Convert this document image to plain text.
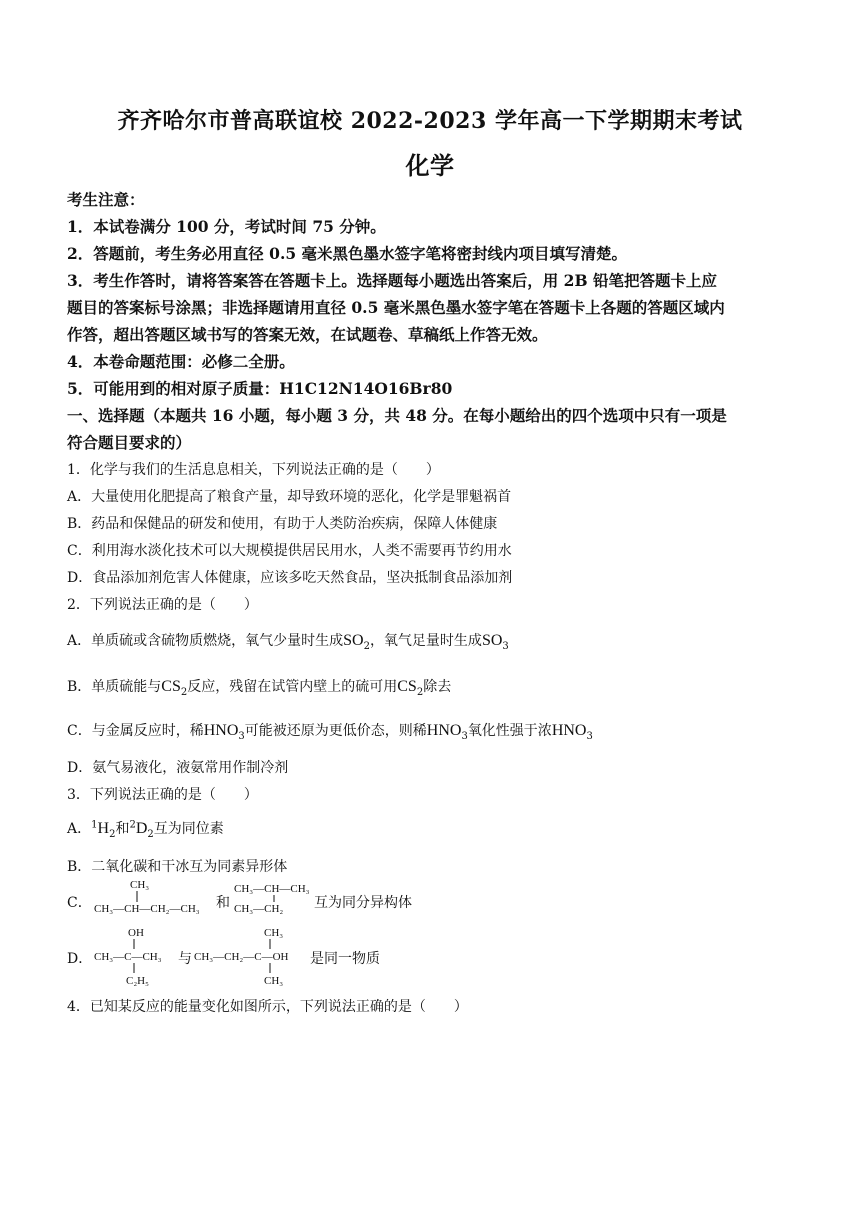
齐齐哈尔市普高联谊校 2022-2023 学年高一下学期期末考试
化学
考生注意：
1．本试卷满分 100 分，考试时间 75 分钟。
2．答题前，考生务必用直径 0.5 毫米黑色墨水签字笔将密封线内项目填写清楚。
3．考生作答时，请将答案答在答题卡上。选择题每小题选出答案后，用 2B 铅笔把答题卡上应
题目的答案标号涂黑；非选择题请用直径 0.5 毫米黑色墨水签字笔在答题卡上各题的答题区域内
作答，超出答题区域书写的答案无效，在试题卷、草稿纸上作答无效。
4．本卷命题范围：必修二全册。
5．可能用到的相对原子质量：H1C12N14O16Br80
一、选择题（本题共 16 小题，每小题 3 分，共 48 分。在每小题给出的四个选项中只有一项是
符合题目要求的）
1．化学与我们的生活息息相关，下列说法正确的是（　　）
A．大量使用化肥提高了粮食产量，却导致环境的恶化，化学是罪魁祸首
B．药品和保健品的研发和使用，有助于人类防治疾病，保障人体健康
C．利用海水淡化技术可以大规模提供居民用水，人类不需要再节约用水
D．食品添加剂危害人体健康，应该多吃天然食品，坚决抵制食品添加剂
2．下列说法正确的是（　　）
A．单质硫或含硫物质燃烧，氧气少量时生成$SO_2$，氧气足量时生成$SO_3$
B．单质硫能与$CS_2$反应，残留在试管内壁上的硫可用$CS_2$除去
C．与金属反应时，稀$HNO_3$可能被还原为更低价态，则稀$HNO_3$氧化性强于浓$HNO_3$
D．氨气易液化，液氨常用作制冷剂
3．下列说法正确的是（　　）
A．$^1H_2$和$^2D_2$互为同位素
B．二氧化碳和干冰互为同素异形体
C．
CH₃
CH₃—CH—CH₂—CH₃ 和
CH₃—CH—CH₃
CH₃—CH₂ 互为同分异构体
D．
OH
CH₃—C—CH₃
C₂H₅
与
CH₃
CH₃—CH₂—C—OH
CH₃
是同一物质
4．已知某反应的能量变化如图所示，下列说法正确的是（　　）
